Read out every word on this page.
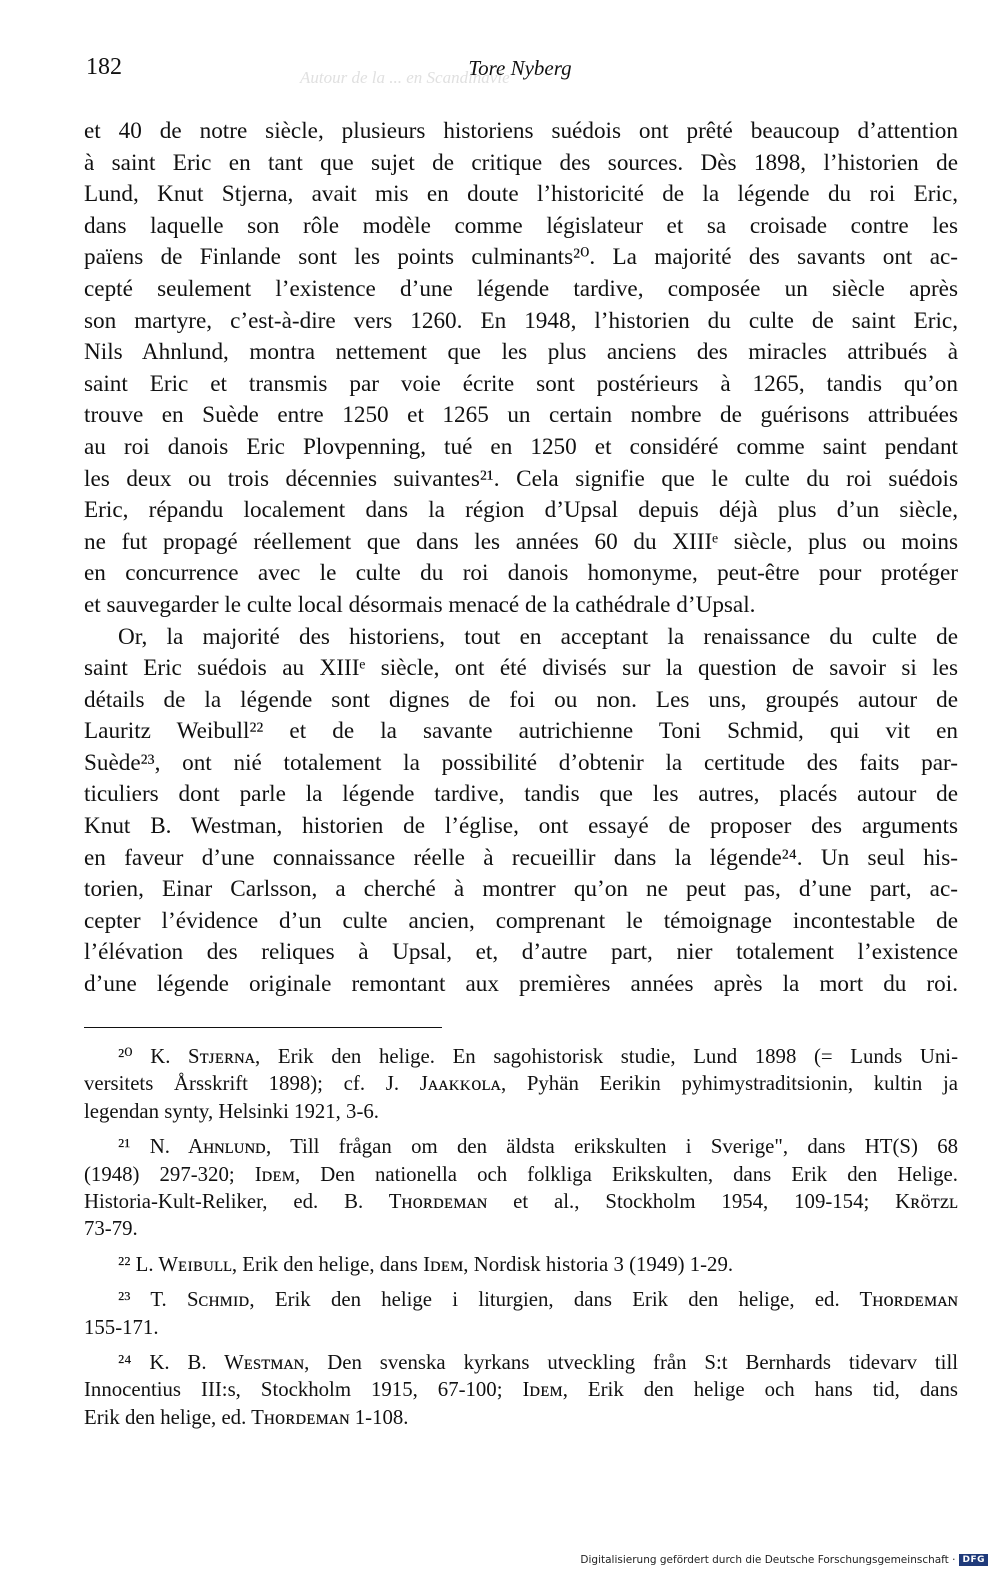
Autour de la ... en Scandinavie
182	Tore Nyberg
et 40 de notre siècle, plusieurs historiens suédois ont prêté beaucoup d’attention
à saint Eric en tant que sujet de critique des sources. Dès 1898, l’historien de
Lund, Knut Stjerna, avait mis en doute l’historicité de la légende du roi Eric,
dans laquelle son rôle modèle comme législateur et sa croisade contre les
païens de Finlande sont les points culminants²⁰. La majorité des savants ont ac-
cepté seulement l’existence d’une légende tardive, composée un siècle après
son martyre, c’est-à-dire vers 1260. En 1948, l’historien du culte de saint Eric,
Nils Ahnlund, montra nettement que les plus anciens des miracles attribués à
saint Eric et transmis par voie écrite sont postérieurs à 1265, tandis qu’on
trouve en Suède entre 1250 et 1265 un certain nombre de guérisons attribuées
au roi danois Eric Plovpenning, tué en 1250 et considéré comme saint pendant
les deux ou trois décennies suivantes²¹. Cela signifie que le culte du roi suédois
Eric, répandu localement dans la région d’Upsal depuis déjà plus d’un siècle,
ne fut propagé réellement que dans les années 60 du XIIIᵉ siècle, plus ou moins
en concurrence avec le culte du roi danois homonyme, peut-être pour protéger
et sauvegarder le culte local désormais menacé de la cathédrale d’Upsal.
Or, la majorité des historiens, tout en acceptant la renaissance du culte de
saint Eric suédois au XIIIᵉ siècle, ont été divisés sur la question de savoir si les
détails de la légende sont dignes de foi ou non. Les uns, groupés autour de
Lauritz Weibull²² et de la savante autrichienne Toni Schmid, qui vit en
Suède²³, ont nié totalement la possibilité d’obtenir la certitude des faits par-
ticuliers dont parle la légende tardive, tandis que les autres, placés autour de
Knut B. Westman, historien de l’église, ont essayé de proposer des arguments
en faveur d’une connaissance réelle à recueillir dans la légende²⁴. Un seul his-
torien, Einar Carlsson, a cherché à montrer qu’on ne peut pas, d’une part, ac-
cepter l’évidence d’un culte ancien, comprenant le témoignage incontestable de
l’élévation des reliques à Upsal, et, d’autre part, nier totalement l’existence
d’une légende originale remontant aux premières années après la mort du roi.
²⁰ K. Sᴛᴊᴇʀɴᴀ, Erik den helige. En sagohistorisk studie, Lund 1898 (= Lunds Uni-
versitets Årsskrift 1898); cf. J. Jᴀᴀᴋᴋᴏʟᴀ, Pyhän Eerikin pyhimystraditsionin, kultin ja
legendan synty, Helsinki 1921, 3-6.
²¹ N. Aʜɴʟᴜɴᴅ, Till frågan om den äldsta erikskulten i Sverige", dans HT(S) 68
(1948) 297-320; Iᴅᴇᴍ, Den nationella och folkliga Erikskulten, dans Erik den Helige.
Historia-Kult-Reliker, ed. B. Tʜᴏʀᴅᴇᴍᴀɴ et al., Stockholm 1954, 109-154; Kʀöᴛᴢʟ
73-79.
²² L. Wᴇɪʙᴜʟʟ, Erik den helige, dans Iᴅᴇᴍ, Nordisk historia 3 (1949) 1-29.
²³ T. Sᴄʜᴍɪᴅ, Erik den helige i liturgien, dans Erik den helige, ed. Tʜᴏʀᴅᴇᴍᴀɴ
155-171.
²⁴ K. B. Wᴇsᴛᴍᴀɴ, Den svenska kyrkans utveckling från S:t Bernhards tidevarv till
Innocentius III:s, Stockholm 1915, 67-100; Iᴅᴇᴍ, Erik den helige och hans tid, dans
Erik den helige, ed. Tʜᴏʀᴅᴇᴍᴀɴ 1-108.
Digitalisierung gefördert durch die Deutsche Forschungsgemeinschaft · DFG
